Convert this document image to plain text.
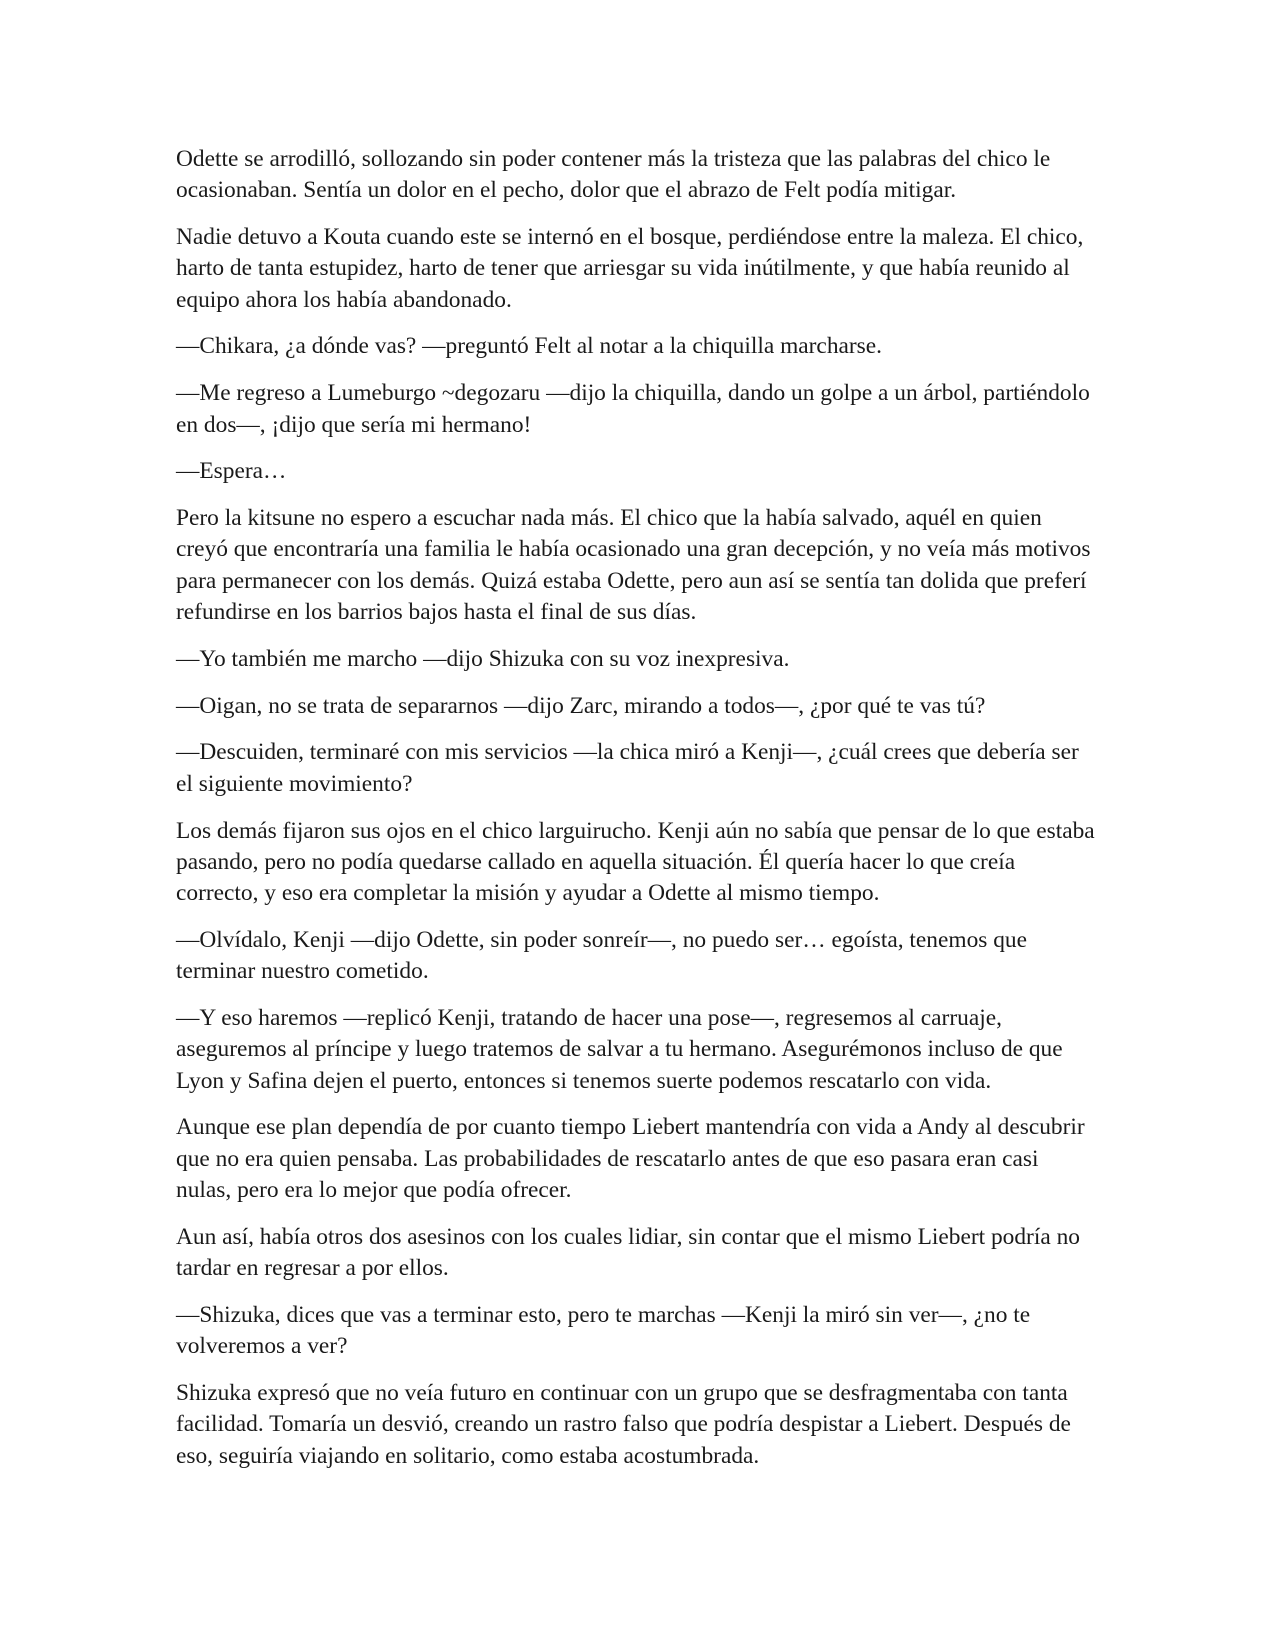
Odette se arrodilló, sollozando sin poder contener más la tristeza que las palabras del chico le ocasionaban. Sentía un dolor en el pecho, dolor que el abrazo de Felt podía mitigar.

Nadie detuvo a Kouta cuando este se internó en el bosque, perdiéndose entre la maleza. El chico, harto de tanta estupidez, harto de tener que arriesgar su vida inútilmente, y que había reunido al equipo ahora los había abandonado.

—Chikara, ¿a dónde vas? —preguntó Felt al notar a la chiquilla marcharse.

—Me regreso a Lumeburgo ~degozaru —dijo la chiquilla, dando un golpe a un árbol, partiéndolo en dos—, ¡dijo que sería mi hermano!

—Espera…

Pero la kitsune no espero a escuchar nada más. El chico que la había salvado, aquél en quien creyó que encontraría una familia le había ocasionado una gran decepción, y no veía más motivos para permanecer con los demás. Quizá estaba Odette, pero aun así se sentía tan dolida que preferí refundirse en los barrios bajos hasta el final de sus días.

—Yo también me marcho —dijo Shizuka con su voz inexpresiva.

—Oigan, no se trata de separarnos —dijo Zarc, mirando a todos—, ¿por qué te vas tú?

—Descuiden, terminaré con mis servicios —la chica miró a Kenji—, ¿cuál crees que debería ser el siguiente movimiento?

Los demás fijaron sus ojos en el chico larguirucho. Kenji aún no sabía que pensar de lo que estaba pasando, pero no podía quedarse callado en aquella situación. Él quería hacer lo que creía correcto, y eso era completar la misión y ayudar a Odette al mismo tiempo.

—Olvídalo, Kenji —dijo Odette, sin poder sonreír—, no puedo ser… egoísta, tenemos que terminar nuestro cometido.

—Y eso haremos —replicó Kenji, tratando de hacer una pose—, regresemos al carruaje, aseguremos al príncipe y luego tratemos de salvar a tu hermano. Asegurémonos incluso de que Lyon y Safina dejen el puerto, entonces si tenemos suerte podemos rescatarlo con vida.

Aunque ese plan dependía de por cuanto tiempo Liebert mantendría con vida a Andy al descubrir que no era quien pensaba. Las probabilidades de rescatarlo antes de que eso pasara eran casi nulas, pero era lo mejor que podía ofrecer.

Aun así, había otros dos asesinos con los cuales lidiar, sin contar que el mismo Liebert podría no tardar en regresar a por ellos.

—Shizuka, dices que vas a terminar esto, pero te marchas —Kenji la miró sin ver—, ¿no te volveremos a ver?

Shizuka expresó que no veía futuro en continuar con un grupo que se desfragmentaba con tanta facilidad. Tomaría un desvió, creando un rastro falso que podría despistar a Liebert. Después de eso, seguiría viajando en solitario, como estaba acostumbrada.
